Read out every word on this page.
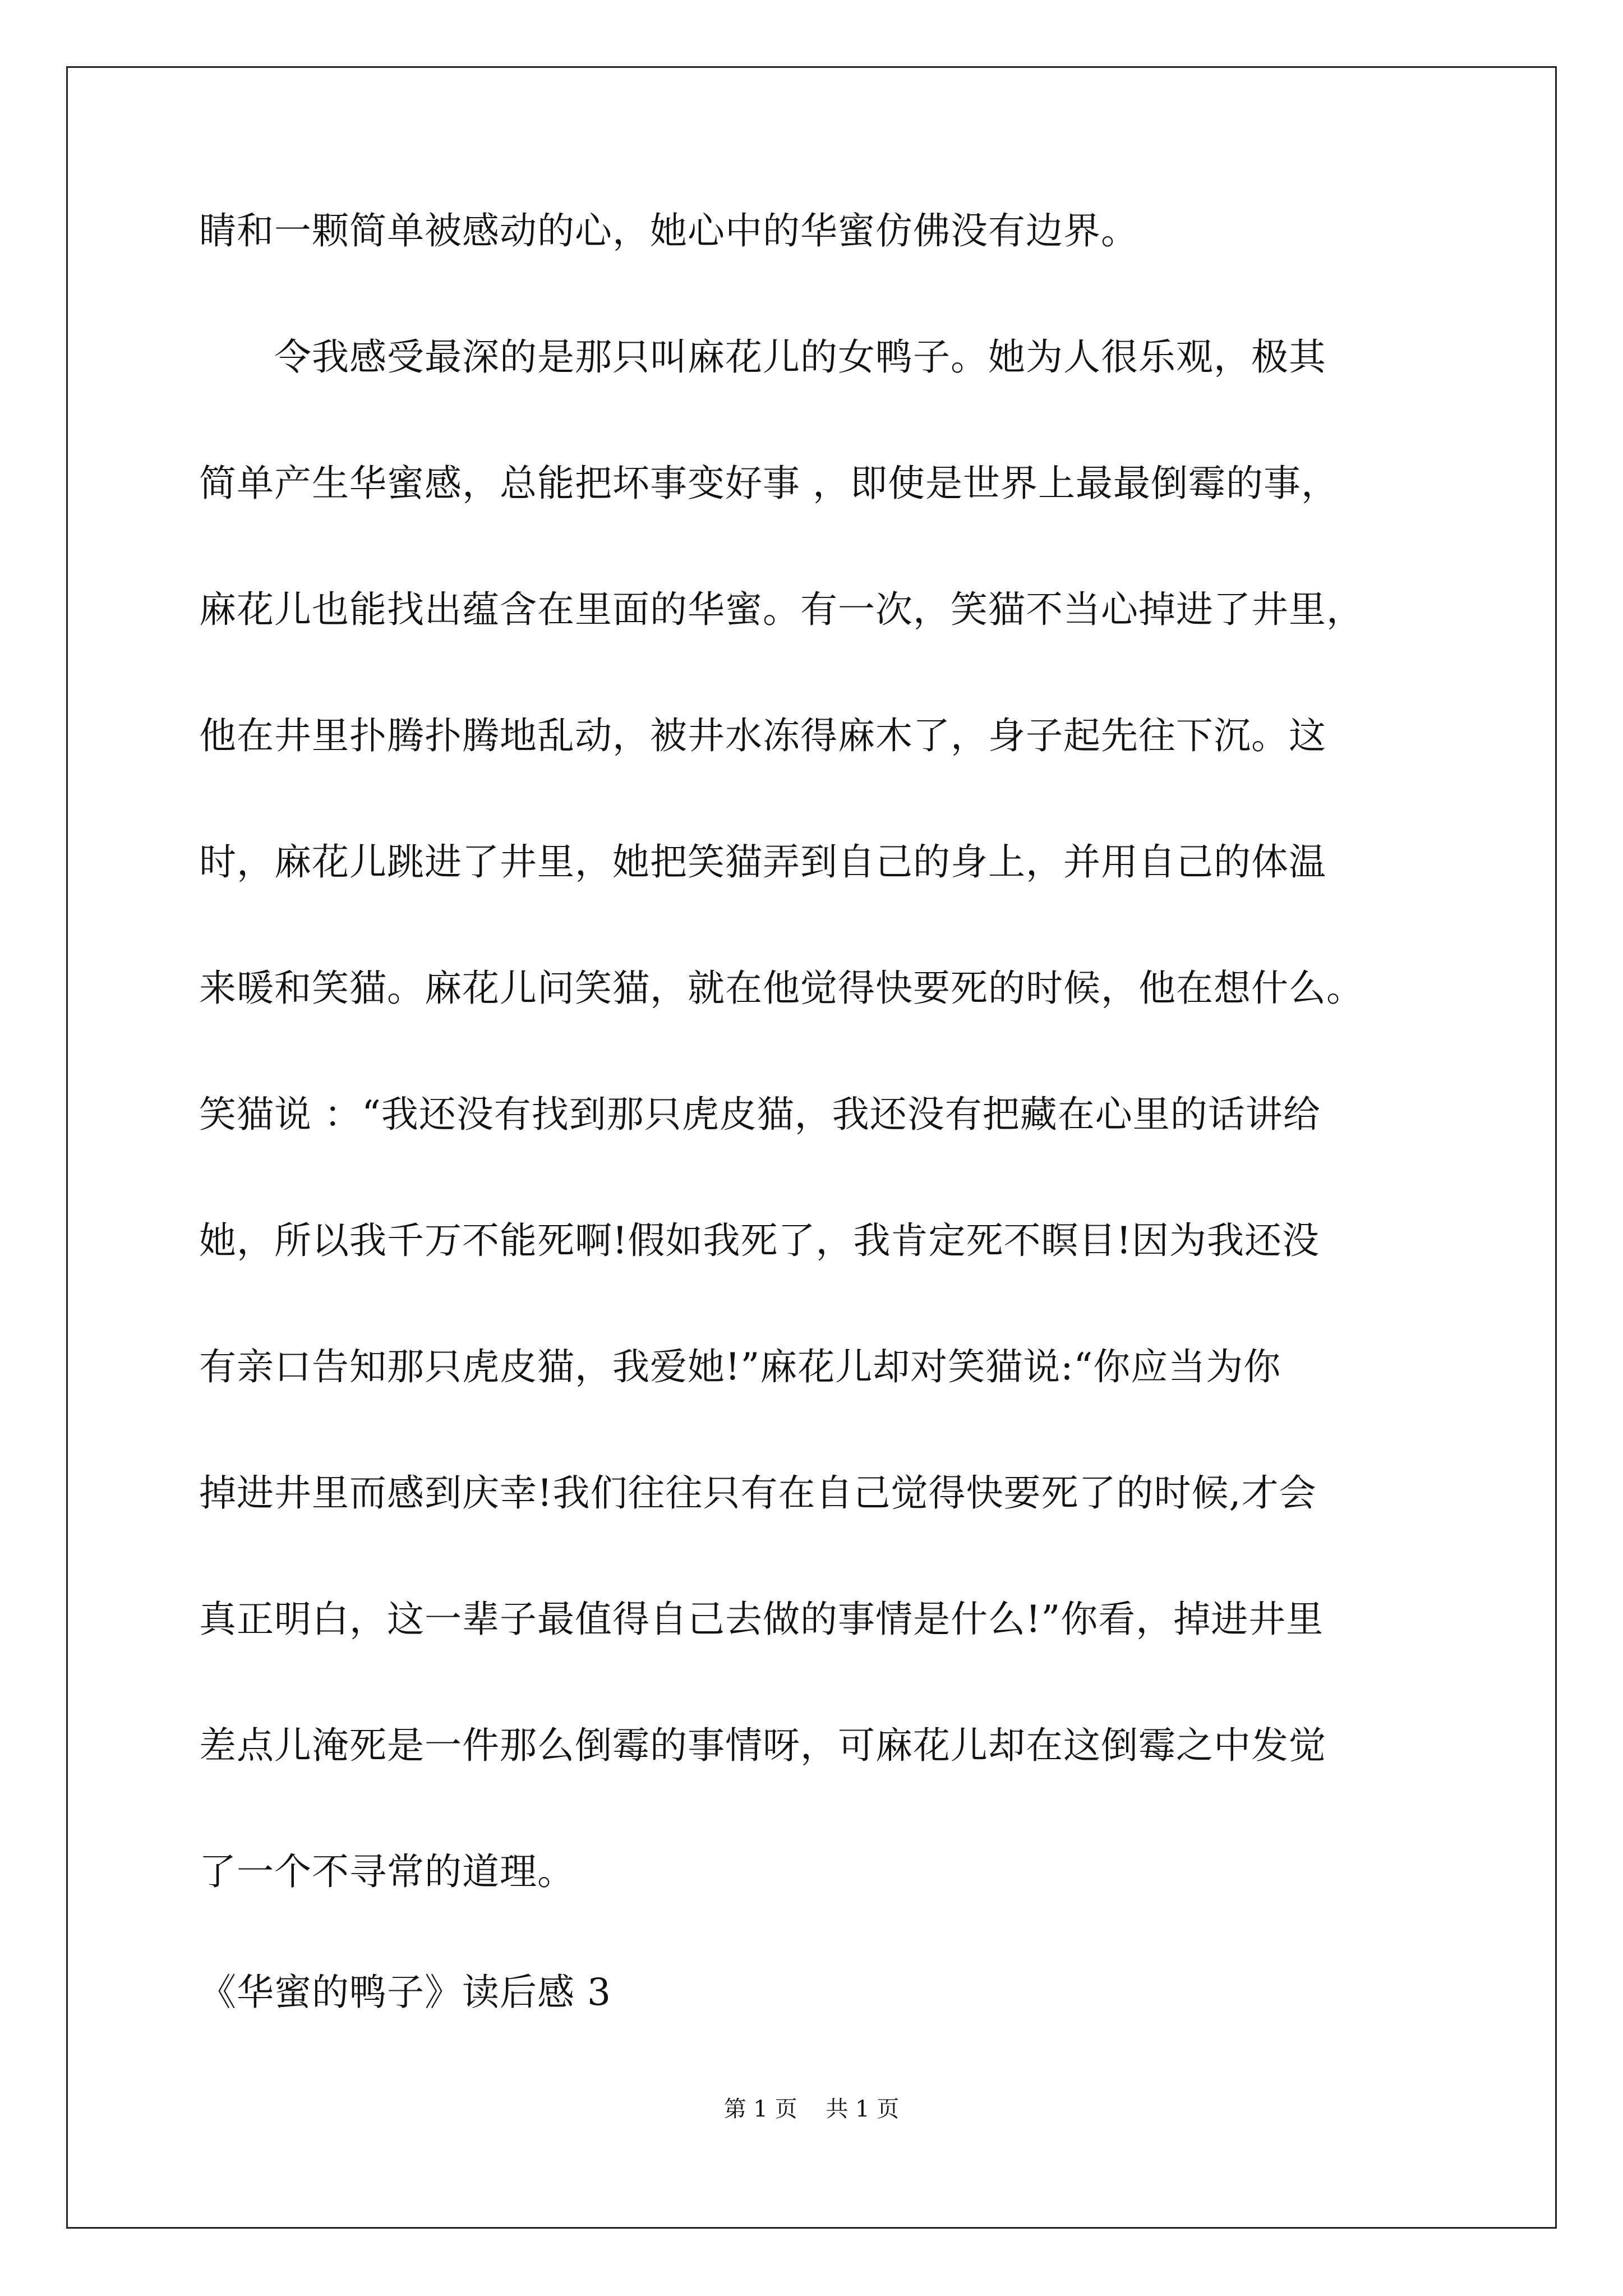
睛和一颗简单被感动的心，她心中的华蜜仿佛没有边界。
　　令我感受最深的是那只叫麻花儿的女鸭子。她为人很乐观，极其
简单产生华蜜感，总能把坏事变好事 ，即使是世界上最最倒霉的事，
麻花儿也能找出蕴含在里面的华蜜。有一次，笑猫不当心掉进了井里，
他在井里扑腾扑腾地乱动，被井水冻得麻木了，身子起先往下沉。这
时，麻花儿跳进了井里，她把笑猫弄到自己的身上，并用自己的体温
来暖和笑猫。麻花儿问笑猫，就在他觉得快要死的时候，他在想什么。
笑猫说 ：“我还没有找到那只虎皮猫，我还没有把藏在心里的话讲给
她，所以我千万不能死啊!假如我死了，我肯定死不瞑目!因为我还没
有亲口告知那只虎皮猫，我爱她!”麻花儿却对笑猫说:“你应当为你
掉进井里而感到庆幸!我们往往只有在自己觉得快要死了的时候,才会
真正明白，这一辈子最值得自己去做的事情是什么!”你看，掉进井里
差点儿淹死是一件那么倒霉的事情呀，可麻花儿却在这倒霉之中发觉
了一个不寻常的道理。
《华蜜的鸭子》读后感 3
第 1 页    共 1 页
